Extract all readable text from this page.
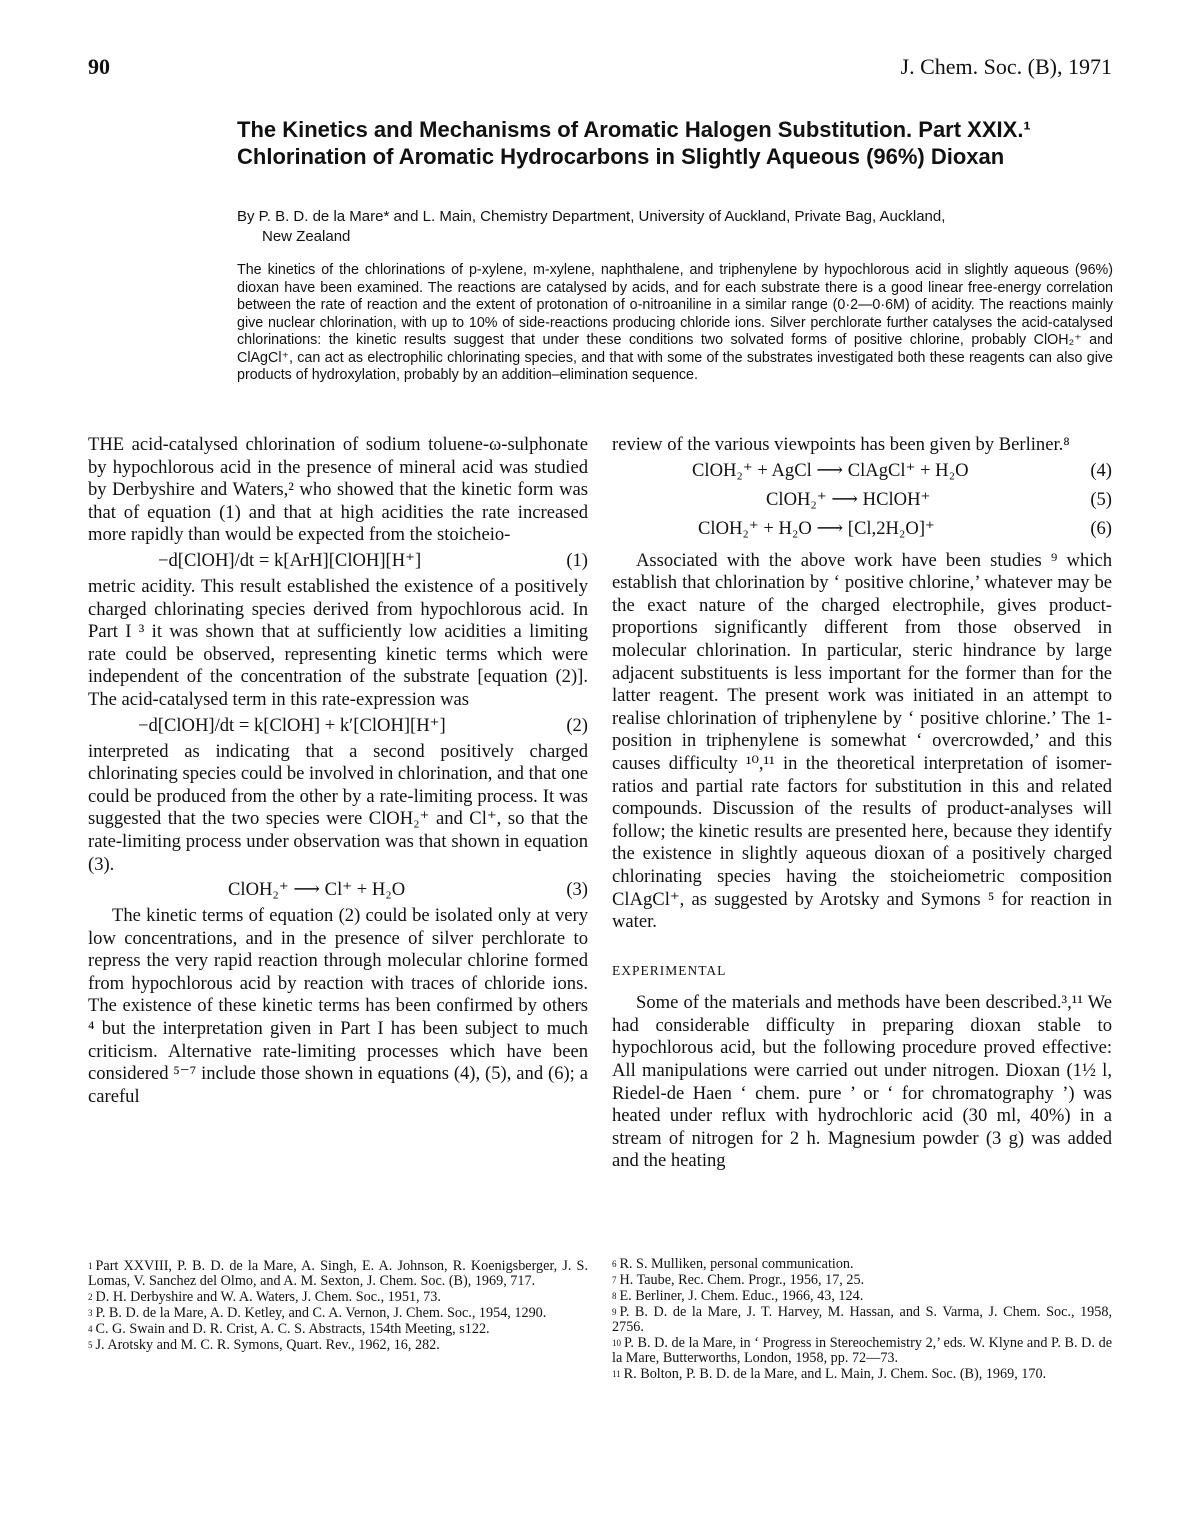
90	J. Chem. Soc. (B), 1971
The Kinetics and Mechanisms of Aromatic Halogen Substitution. Part XXIX.¹ Chlorination of Aromatic Hydrocarbons in Slightly Aqueous (96%) Dioxan
By P. B. D. de la Mare* and L. Main, Chemistry Department, University of Auckland, Private Bag, Auckland,
New Zealand
The kinetics of the chlorinations of p-xylene, m-xylene, naphthalene, and triphenylene by hypochlorous acid in slightly aqueous (96%) dioxan have been examined. The reactions are catalysed by acids, and for each substrate there is a good linear free-energy correlation between the rate of reaction and the extent of protonation of o-nitroaniline in a similar range (0·2—0·6M) of acidity. The reactions mainly give nuclear chlorination, with up to 10% of side-reactions producing chloride ions. Silver perchlorate further catalyses the acid-catalysed chlorinations: the kinetic results suggest that under these conditions two solvated forms of positive chlorine, probably ClOH₂⁺ and ClAgCl⁺, can act as electrophilic chlorinating species, and that with some of the substrates investigated both these reagents can also give products of hydroxylation, probably by an addition–elimination sequence.

THE acid-catalysed chlorination of sodium toluene-ω-sulphonate by hypochlorous acid in the presence of mineral acid was studied by Derbyshire and Waters,² who showed that the kinetic form was that of equation (1) and that at high acidities the rate increased more rapidly than would be expected from the stoicheio-

−d[ClOH]/dt = k[ArH][ClOH][H⁺]	(1)

metric acidity. This result established the existence of a positively charged chlorinating species derived from hypochlorous acid. In Part I ³ it was shown that at sufficiently low acidities a limiting rate could be observed, representing kinetic terms which were independent of the concentration of the substrate [equation (2)]. The acid-catalysed term in this rate-expression was

−d[ClOH]/dt = k[ClOH] + k′[ClOH][H⁺]	(2)

interpreted as indicating that a second positively charged chlorinating species could be involved in chlorination, and that one could be produced from the other by a rate-limiting process. It was suggested that the two species were ClOH₂⁺ and Cl⁺, so that the rate-limiting process under observation was that shown in equation (3).

ClOH₂⁺ ⟶ Cl⁺ + H₂O	(3)

The kinetic terms of equation (2) could be isolated only at very low concentrations, and in the presence of silver perchlorate to repress the very rapid reaction through molecular chlorine formed from hypochlorous acid by reaction with traces of chloride ions. The existence of these kinetic terms has been confirmed by others ⁴ but the interpretation given in Part I has been subject to much criticism. Alternative rate-limiting processes which have been considered ⁵⁻⁷ include those shown in equations (4), (5), and (6); a careful

review of the various viewpoints has been given by Berliner.⁸

ClOH₂⁺ + AgCl ⟶ ClAgCl⁺ + H₂O	(4)
ClOH₂⁺ ⟶ HClOH⁺	(5)
ClOH₂⁺ + H₂O ⟶ [Cl,2H₂O]⁺	(6)

Associated with the above work have been studies ⁹ which establish that chlorination by ‘ positive chlorine,’ whatever may be the exact nature of the charged electrophile, gives product-proportions significantly different from those observed in molecular chlorination. In particular, steric hindrance by large adjacent substituents is less important for the former than for the latter reagent. The present work was initiated in an attempt to realise chlorination of triphenylene by ‘ positive chlorine.’ The 1-position in triphenylene is somewhat ‘ overcrowded,’ and this causes difficulty ¹⁰,¹¹ in the theoretical interpretation of isomer-ratios and partial rate factors for substitution in this and related compounds. Discussion of the results of product-analyses will follow; the kinetic results are presented here, because they identify the existence in slightly aqueous dioxan of a positively charged chlorinating species having the stoicheiometric composition ClAgCl⁺, as suggested by Arotsky and Symons ⁵ for reaction in water.

EXPERIMENTAL

Some of the materials and methods have been described.³,¹¹ We had considerable difficulty in preparing dioxan stable to hypochlorous acid, but the following procedure proved effective: All manipulations were carried out under nitrogen. Dioxan (1½ l, Riedel-de Haen ‘ chem. pure ’ or ‘ for chromatography ’) was heated under reflux with hydrochloric acid (30 ml, 40%) in a stream of nitrogen for 2 h. Magnesium powder (3 g) was added and the heating

$^1$ Part XXVIII, P. B. D. de la Mare, A. Singh, E. A. Johnson, R. Koenigsberger, J. S. Lomas, V. Sanchez del Olmo, and A. M. Sexton, J. Chem. Soc. (B), 1969, 717.
$^2$ D. H. Derbyshire and W. A. Waters, J. Chem. Soc., 1951, 73.
$^3$ P. B. D. de la Mare, A. D. Ketley, and C. A. Vernon, J. Chem. Soc., 1954, 1290.
$^4$ C. G. Swain and D. R. Crist, A. C. S. Abstracts, 154th Meeting, s122.
$^5$ J. Arotsky and M. C. R. Symons, Quart. Rev., 1962, 16, 282.
$^6$ R. S. Mulliken, personal communication.
$^7$ H. Taube, Rec. Chem. Progr., 1956, 17, 25.
$^8$ E. Berliner, J. Chem. Educ., 1966, 43, 124.
$^9$ P. B. D. de la Mare, J. T. Harvey, M. Hassan, and S. Varma, J. Chem. Soc., 1958, 2756.
$^{10}$ P. B. D. de la Mare, in ‘ Progress in Stereochemistry 2,’ eds. W. Klyne and P. B. D. de la Mare, Butterworths, London, 1958, pp. 72—73.
$^{11}$ R. Bolton, P. B. D. de la Mare, and L. Main, J. Chem. Soc. (B), 1969, 170.
